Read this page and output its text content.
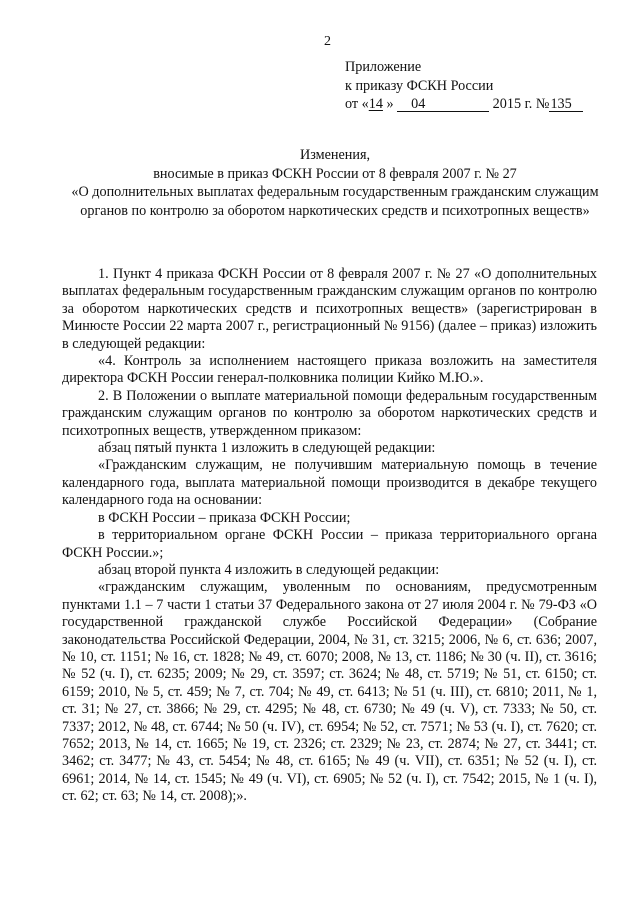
2
Приложение
к приказу ФСКН России
от «14 » 04	2015 г. №135
Изменения,
вносимые в приказ ФСКН России от 8 февраля 2007 г. № 27
«О дополнительных выплатах федеральным государственным гражданским служащим органов по контролю за оборотом наркотических средств и психотропных веществ»

1. Пункт 4 приказа ФСКН России от 8 февраля 2007 г. № 27 «О дополнительных выплатах федеральным государственным гражданским служащим органов по контролю за оборотом наркотических средств и психотропных веществ» (зарегистрирован в Минюсте России 22 марта 2007 г., регистрационный № 9156) (далее – приказ) изложить в следующей редакции:

«4. Контроль за исполнением настоящего приказа возложить на заместителя директора ФСКН России генерал-полковника полиции Кийко М.Ю.».

2. В Положении о выплате материальной помощи федеральным государственным гражданским служащим органов по контролю за оборотом наркотических средств и психотропных веществ, утвержденном приказом:

абзац пятый пункта 1 изложить в следующей редакции:

«Гражданским служащим, не получившим материальную помощь в течение календарного года, выплата материальной помощи производится в декабре текущего календарного года на основании:

в ФСКН России – приказа ФСКН России;

в территориальном органе ФСКН России – приказа территориального органа ФСКН России.»;

абзац второй пункта 4 изложить в следующей редакции:

«гражданским служащим, уволенным по основаниям, предусмотренным пунктами 1.1 – 7 части 1 статьи 37 Федерального закона от 27 июля 2004 г. № 79-ФЗ «О государственной гражданской службе Российской Федерации» (Собрание законодательства Российской Федерации, 2004, № 31, ст. 3215; 2006, № 6, ст. 636; 2007, № 10, ст. 1151; № 16, ст. 1828; № 49, ст. 6070; 2008, № 13, ст. 1186; № 30 (ч. II), ст. 3616; № 52 (ч. I), ст. 6235; 2009; № 29, ст. 3597; ст. 3624; № 48, ст. 5719; № 51, ст. 6150; ст. 6159; 2010, № 5, ст. 459; № 7, ст. 704; № 49, ст. 6413; № 51 (ч. III), ст. 6810; 2011, № 1, ст. 31; № 27, ст. 3866; № 29, ст. 4295; № 48, ст. 6730; № 49 (ч. V), ст. 7333; № 50, ст. 7337; 2012, № 48, ст. 6744; № 50 (ч. IV), ст. 6954; № 52, ст. 7571; № 53 (ч. I), ст. 7620; ст. 7652; 2013, № 14, ст. 1665; № 19, ст. 2326; ст. 2329; № 23, ст. 2874; № 27, ст. 3441; ст. 3462; ст. 3477; № 43, ст. 5454; № 48, ст. 6165; № 49 (ч. VII), ст. 6351; № 52 (ч. I), ст. 6961; 2014, № 14, ст. 1545; № 49 (ч. VI), ст. 6905; № 52 (ч. I), ст. 7542; 2015, № 1 (ч. I), ст. 62; ст. 63; № 14, ст. 2008);».
